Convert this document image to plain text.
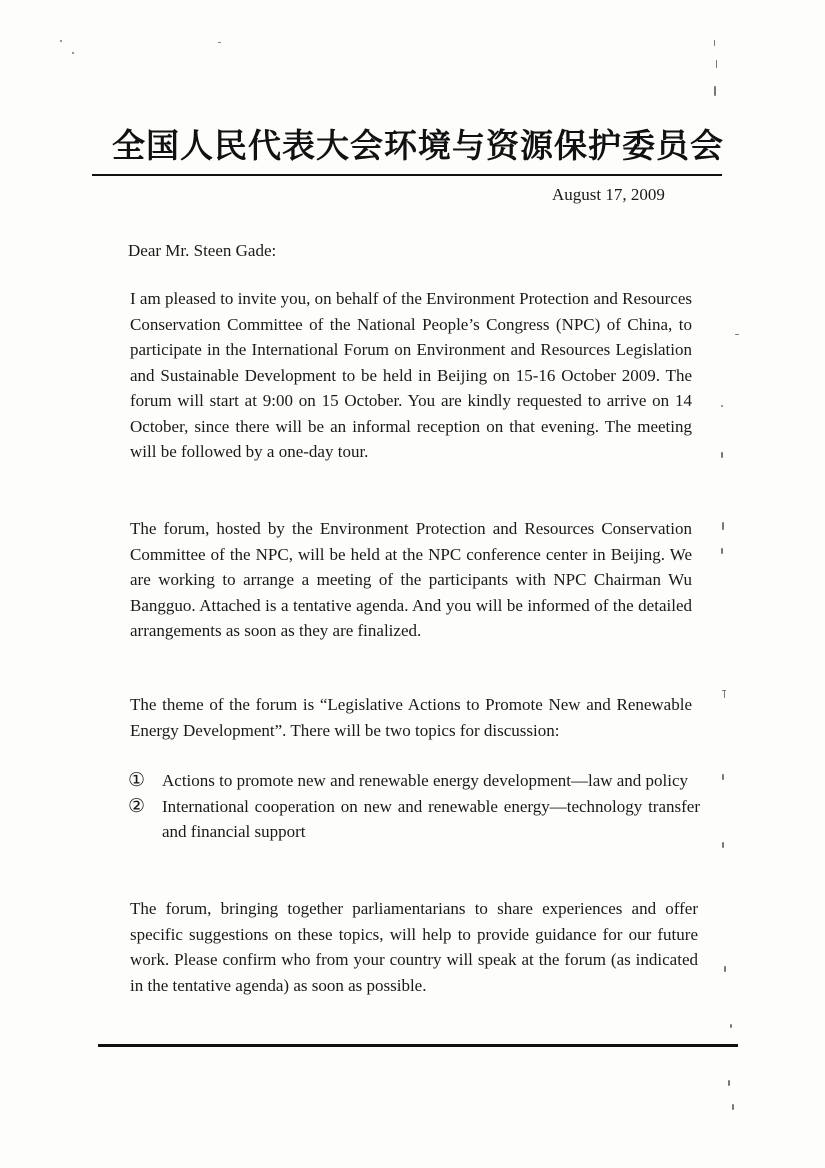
全国人民代表大会环境与资源保护委员会
August 17, 2009
Dear Mr. Steen Gade:

I am pleased to invite you, on behalf of the Environment Protection and Resources Conservation Committee of the National People’s Congress (NPC) of China, to participate in the International Forum on Environment and Resources Legislation and Sustainable Development to be held in Beijing on 15-16 October 2009. The forum will start at 9:00 on 15 October. You are kindly requested to arrive on 14 October, since there will be an informal reception on that evening. The meeting will be followed by a one-day tour.

The forum, hosted by the Environment Protection and Resources Conservation Committee of the NPC, will be held at the NPC conference center in Beijing. We are working to arrange a meeting of the participants with NPC Chairman Wu Bangguo. Attached is a tentative agenda. And you will be informed of the detailed arrangements as soon as they are finalized.

The theme of the forum is “Legislative Actions to Promote New and Renewable Energy Development”. There will be two topics for discussion:

① Actions to promote new and renewable energy development—law and policy
② International cooperation on new and renewable energy—technology transfer and financial support

The forum, bringing together parliamentarians to share experiences and offer specific suggestions on these topics, will help to provide guidance for our future work. Please confirm who from your country will speak at the forum (as indicated in the tentative agenda) as soon as possible.
